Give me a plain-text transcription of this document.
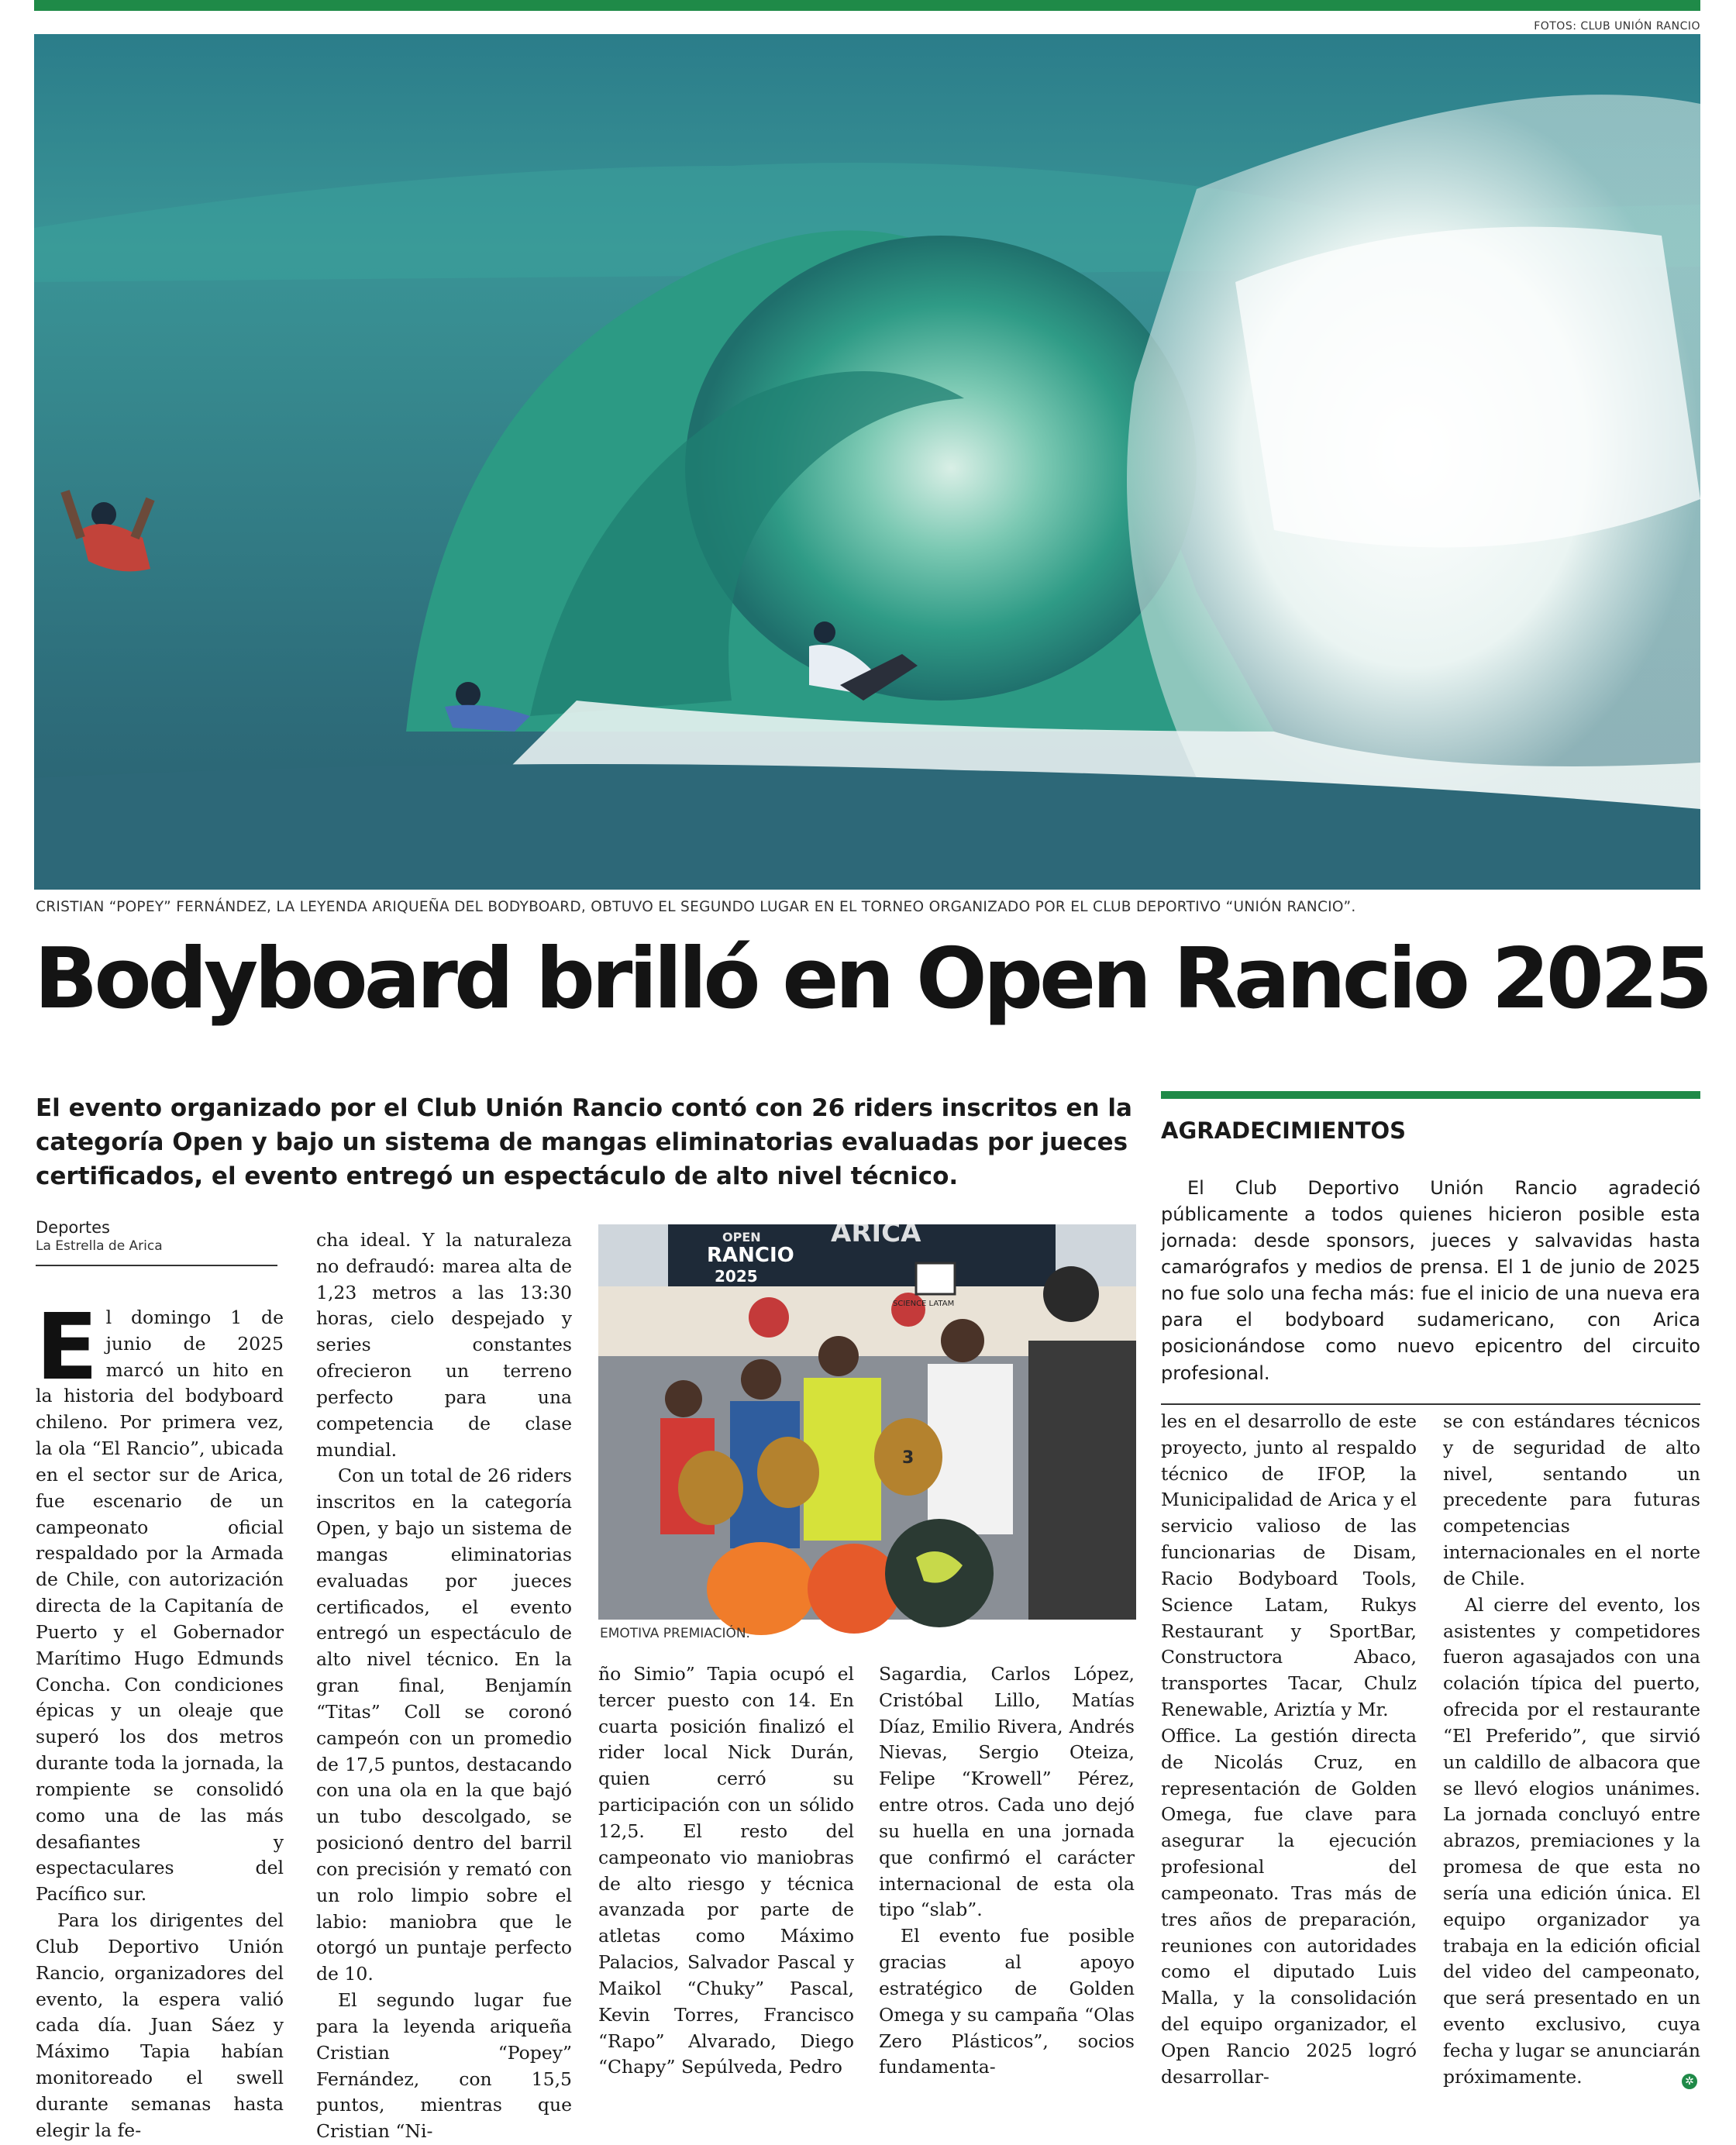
FOTOS: CLUB UNIÓN RANCIO
CRISTIAN “POPEY” FERNÁNDEZ, LA LEYENDA ARIQUEÑA DEL BODYBOARD, OBTUVO EL SEGUNDO LUGAR EN EL TORNEO ORGANIZADO POR EL CLUB DEPORTIVO “UNIÓN RANCIO”.
Bodyboard brilló en Open Rancio 2025
El evento organizado por el Club Unión Rancio contó con 26 riders inscritos en la categoría Open y bajo un sistema de mangas eliminatorias evaluadas por jueces certificados, el evento entregó un espectáculo de alto nivel técnico.
Deportes
La Estrella de Arica

El domingo 1 de junio de 2025 marcó un hito en la historia del bodyboard chileno. Por primera vez, la ola “El Rancio”, ubicada en el sector sur de Arica, fue escenario de un campeonato oficial respaldado por la Armada de Chile, con autorización directa de la Capitanía de Puerto y el Gobernador Marítimo Hugo Edmunds Concha. Con condiciones épicas y un oleaje que superó los dos metros durante toda la jornada, la rompiente se consolidó como una de las más desafiantes y espectaculares del Pacífico sur.

Para los dirigentes del Club Deportivo Unión Rancio, organizadores del evento, la espera valió cada día. Juan Sáez y Máximo Tapia habían monitoreado el swell durante semanas hasta elegir la fe-

cha ideal. Y la naturaleza no defraudó: marea alta de 1,23 metros a las 13:30 horas, cielo despejado y series constantes ofrecieron un terreno perfecto para una competencia de clase mundial.

Con un total de 26 riders inscritos en la categoría Open, y bajo un sistema de mangas eliminatorias evaluadas por jueces certificados, el evento entregó un espectáculo de alto nivel técnico. En la gran final, Benjamín “Titas” Coll se coronó campeón con un promedio de 17,5 puntos, destacando con una ola en la que bajó un tubo descolgado, se posicionó dentro del barril con precisión y remató con un rolo limpio sobre el labio: maniobra que le otorgó un puntaje perfecto de 10.

El segundo lugar fue para la leyenda ariqueña Cristian “Popey” Fernández, con 15,5 puntos, mientras que Cristian “Ni-

OPEN
RANCIO
2025
ARICA
SCIENCE LATAM
3
EMOTIVA PREMIACIÓN.

ño Simio” Tapia ocupó el tercer puesto con 14. En cuarta posición finalizó el rider local Nick Durán, quien cerró su participación con un sólido 12,5. El resto del campeonato vio maniobras de alto riesgo y técnica avanzada por parte de atletas como Máximo Palacios, Salvador Pascal y Maikol “Chuky” Pascal, Kevin Torres, Francisco “Rapo” Alvarado, Diego “Chapy” Sepúlveda, Pedro

Sagardia, Carlos López, Cristóbal Lillo, Matías Díaz, Emilio Rivera, Andrés Nievas, Sergio Oteiza, Felipe “Krowell” Pérez, entre otros. Cada uno dejó su huella en una jornada que confirmó el carácter internacional de esta ola tipo “slab”.

El evento fue posible gracias al apoyo estratégico de Golden Omega y su campaña “Olas Zero Plásticos”, socios fundamenta-

AGRADECIMIENTOS
El Club Deportivo Unión Rancio agradeció públicamente a todos quienes hicieron posible esta jornada: desde sponsors, jueces y salvavidas hasta camarógrafos y medios de prensa. El 1 de junio de 2025 no fue solo una fecha más: fue el inicio de una nueva era para el bodyboard sudamericano, con Arica posicionándose como nuevo epicentro del circuito profesional.

les en el desarrollo de este proyecto, junto al respaldo técnico de IFOP, la Municipalidad de Arica y el servicio valioso de las funcionarias de Disam, Racio Bodyboard Tools, Science Latam, Rukys Restaurant y SportBar, Constructora Abaco, transportes Tacar, Chulz Renewable, Ariztía y Mr.

Office. La gestión directa de Nicolás Cruz, en representación de Golden Omega, fue clave para asegurar la ejecución profesional del campeonato. Tras más de tres años de preparación, reuniones con autoridades como el diputado Luis Malla, y la consolidación del equipo organizador, el Open Rancio 2025 logró desarrollar-

se con estándares técnicos y de seguridad de alto nivel, sentando un precedente para futuras competencias internacionales en el norte de Chile.

Al cierre del evento, los asistentes y competidores fueron agasajados con una colación típica del puerto, ofrecida por el restaurante “El Preferido”, que sirvió un caldillo de albacora que se llevó elogios unánimes. La jornada concluyó entre abrazos, premiaciones y la promesa de que esta no sería una edición única. El equipo organizador ya trabaja en la edición oficial del video del campeonato, que será presentado en un evento exclusivo, cuya fecha y lugar se anunciarán próximamente.	✲
